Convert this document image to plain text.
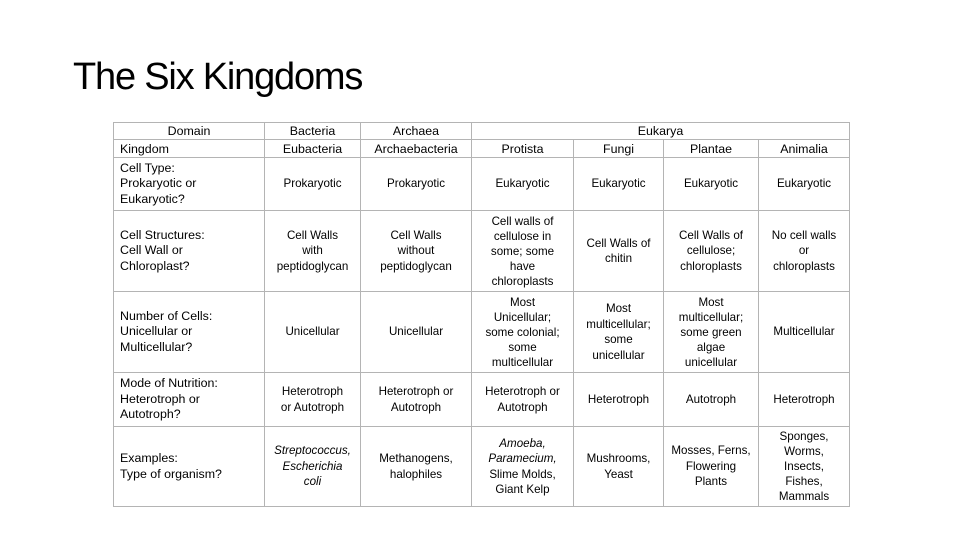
The Six Kingdoms
Domain	Bacteria	Archaea	Eukarya			
Kingdom	Eubacteria	Archaebacteria	Protista	Fungi	Plantae	Animalia

Cell Type:
Prokaryotic or
Eukaryotic?	Prokaryotic	Prokaryotic	Eukaryotic	Eukaryotic	Eukaryotic	Eukaryotic

Cell Structures:
Cell Wall or
Chloroplast?	Cell Walls
with
peptidoglycan	Cell Walls
without
peptidoglycan	Cell walls of
cellulose in
some; some
have
chloroplasts	Cell Walls of
chitin	Cell Walls of
cellulose;
chloroplasts	No cell walls
or
chloroplasts

Number of Cells:
Unicellular or
Multicellular?	Unicellular	Unicellular	Most
Unicellular;
some colonial;
some
multicellular	Most
multicellular;
some
unicellular	Most
multicellular;
some green
algae
unicellular	Multicellular

Mode of Nutrition:
Heterotroph or
Autotroph?	Heterotroph
or Autotroph	Heterotroph or
Autotroph	Heterotroph or
Autotroph	Heterotroph	Autotroph	Heterotroph

Examples:
Type of organism?	Streptococcus,
Escherichia
coli	Methanogens,
halophiles	Amoeba,
Paramecium,
Slime Molds,
Giant Kelp	Mushrooms,
Yeast	Mosses, Ferns,
Flowering
Plants	Sponges,
Worms,
Insects,
Fishes,
Mammals
